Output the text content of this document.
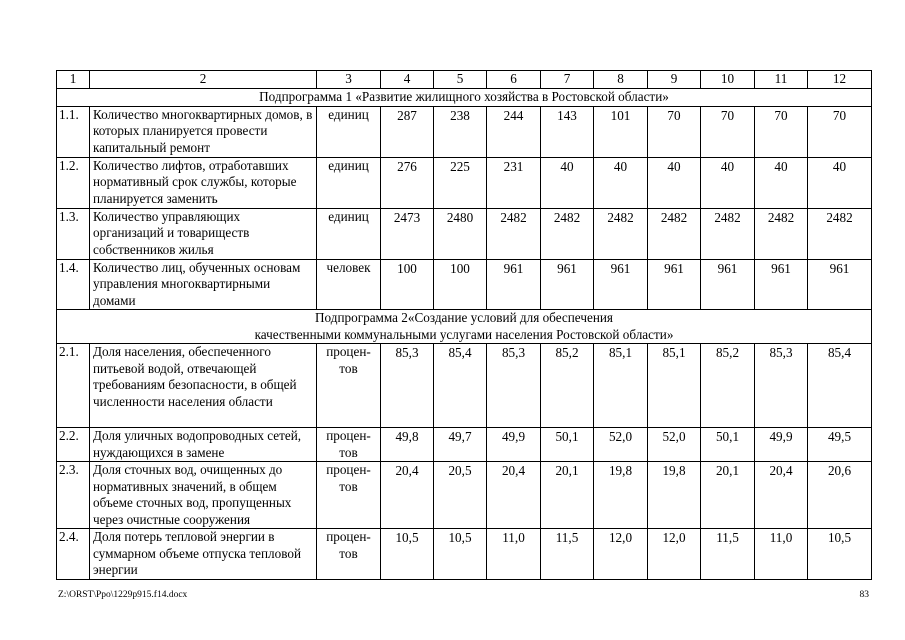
1	2	3	4	5	6	7	8	9	10	11	12
Подпрограмма 1 «Развитие жилищного хозяйства в Ростовской области»											
1.1.	Количество многоквартирных домов, в которых планируется провести капитальный ремонт	единиц	287	238	244	143	101	70	70	70	70
1.2.	Количество лифтов, отработавших нормативный срок службы, которые планируется заменить	единиц	276	225	231	40	40	40	40	40	40
1.3.	Количество управляющих организаций и товариществ собственников жилья	единиц	2473	2480	2482	2482	2482	2482	2482	2482	2482
1.4.	Количество лиц, обученных основам управления многоквартирными домами	человек	100	100	961	961	961	961	961	961	961

Подпрограмма 2«Создание условий для обеспечения
качественными коммунальными услугами населения Ростовской области»											

2.1.	Доля населения, обеспеченного питьевой водой, отвечающей требованиям безопасности, в общей численности населения области	процен-тов	85,3	85,4	85,3	85,2	85,1	85,1	85,2	85,3	85,4
2.2.	Доля уличных водопроводных сетей, нуждающихся в замене	процен-тов	49,8	49,7	49,9	50,1	52,0	52,0	50,1	49,9	49,5
2.3.	Доля сточных вод, очищенных до нормативных значений, в общем объеме сточных вод, пропущенных через очистные сооружения	процен-тов	20,4	20,5	20,4	20,1	19,8	19,8	20,1	20,4	20,6
2.4.	Доля потерь тепловой энергии в суммарном объеме отпуска тепловой энергии	процен-тов	10,5	10,5	11,0	11,5	12,0	12,0	11,5	11,0	10,5
Z:\ORST\Ppo\1229p915.f14.docx	83
